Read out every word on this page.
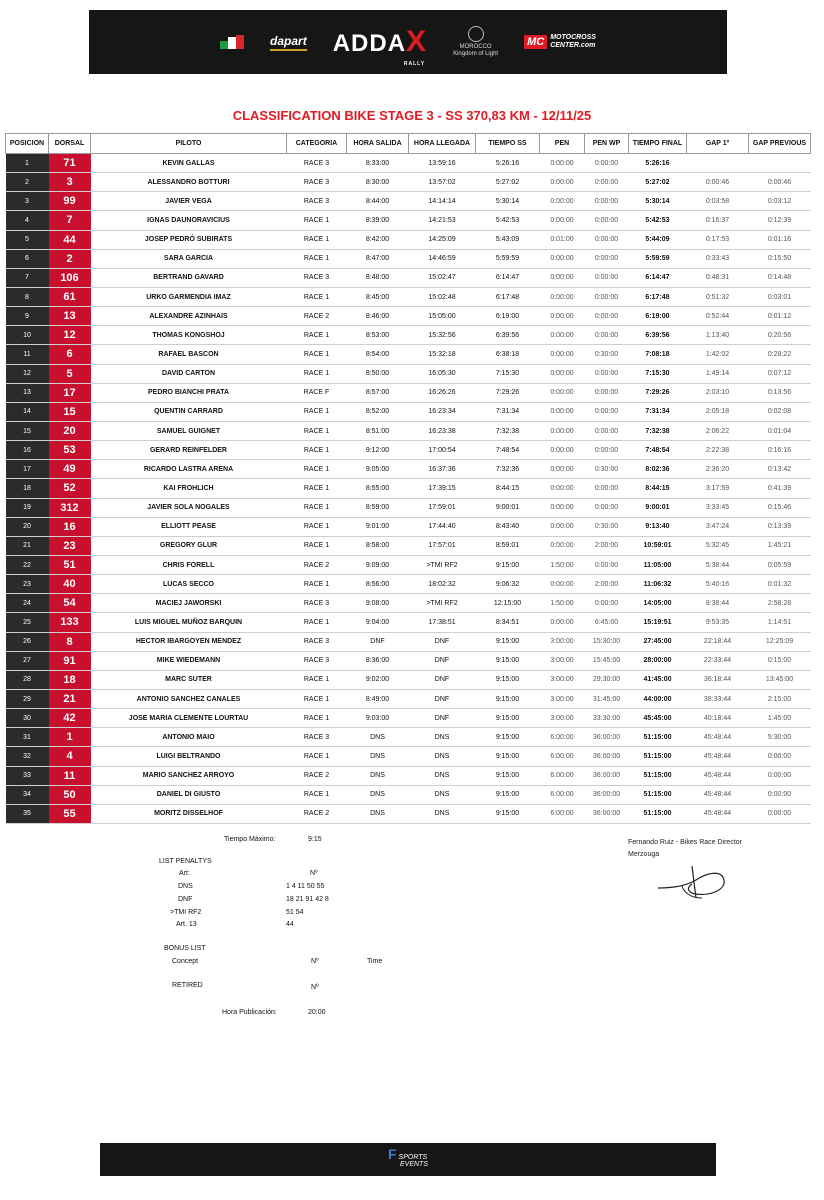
dapart ADDAX
RALLY
MOROCCO
Kingdom of Light
MC MOTOCROSS
CENTER.com
CLASSIFICATION BIKE STAGE 3 - SS 370,83 KM - 12/11/25
POSICION	DORSAL	PILOTO	CATEGORIA	HORA SALIDA	HORA LLEGADA	TIEMPO SS	PEN	PEN WP	TIEMPO FINAL	GAP 1º	GAP PREVIOUS
1	71	KEVIN GALLAS	RACE 3	8:33:00	13:59:16	5:26:16	0:00:00	0:00:00	5:26:16		
2	3	ALESSANDRO BOTTURI	RACE 3	8:30:00	13:57:02	5:27:02	0:00:00	0:00:00	5:27:02	0:00:46	0:00:46
3	99	JAVIER VEGA	RACE 3	8:44:00	14:14:14	5:30:14	0:00:00	0:00:00	5:30:14	0:03:58	0:03:12
4	7	IGNAS DAUNORAVICIUS	RACE 1	8:39:00	14:21:53	5:42:53	0:00:00	0:00:00	5:42:53	0:16:37	0:12:39
5	44	JOSEP PEDRÓ SUBIRATS	RACE 1	8:42:00	14:25:09	5:43:09	0:01:00	0:00:00	5:44:09	0:17:53	0:01:16
6	2	SARA GARCIA	RACE 1	8:47:00	14:46:59	5:59:59	0:00:00	0:00:00	5:59:59	0:33:43	0:15:50
7	106	BERTRAND GAVARD	RACE 3	8:48:00	15:02:47	6:14:47	0:00:00	0:00:00	6:14:47	0:48:31	0:14:48
8	61	URKO GARMENDIA IMAZ	RACE 1	8:45:00	15:02:48	6:17:48	0:00:00	0:00:00	6:17:48	0:51:32	0:03:01
9	13	ALEXANDRE AZINHAIS	RACE 2	8:46:00	15:05:00	6:19:00	0:00:00	0:00:00	6:19:00	0:52:44	0:01:12
10	12	THOMAS KONGSHOJ	RACE 1	8:53:00	15:32:56	6:39:56	0:00:00	0:00:00	6:39:56	1:13:40	0:20:56
11	6	RAFAEL BASCON	RACE 1	8:54:00	15:32:18	6:38:18	0:00:00	0:30:00	7:08:18	1:42:02	0:28:22
12	5	DAVID CARTON	RACE 1	8:50:00	16:05:30	7:15:30	0:00:00	0:00:00	7:15:30	1:49:14	0:07:12
13	17	PEDRO BIANCHI PRATA	RACE F	8:57:00	16:26:26	7:29:26	0:00:00	0:00:00	7:29:26	2:03:10	0:13:56
14	15	QUENTIN CARRARD	RACE 1	8:52:00	16:23:34	7:31:34	0:00:00	0:00:00	7:31:34	2:05:18	0:02:08
15	20	SAMUEL GUIGNET	RACE 1	8:51:00	16:23:38	7:32:38	0:00:00	0:00:00	7:32:38	2:06:22	0:01:04
16	53	GERARD REINFELDER	RACE 1	9:12:00	17:00:54	7:48:54	0:00:00	0:00:00	7:48:54	2:22:38	0:16:16
17	49	RICARDO LASTRA ARENA	RACE 1	9:05:00	16:37:36	7:32:36	0:00:00	0:30:00	8:02:36	2:36:20	0:13:42
18	52	KAI FROHLICH	RACE 1	8:55:00	17:39:15	8:44:15	0:00:00	0:00:00	8:44:15	3:17:59	0:41:39
19	312	JAVIER SOLA NOGALES	RACE 1	8:59:00	17:59:01	9:00:01	0:00:00	0:00:00	9:00:01	3:33:45	0:15:46
20	16	ELLIOTT PEASE	RACE 1	9:01:00	17:44:40	8:43:40	0:00:00	0:30:00	9:13:40	3:47:24	0:13:39
21	23	GREGORY GLUR	RACE 1	8:58:00	17:57:01	8:59:01	0:00:00	2:00:00	10:59:01	5:32:45	1:45:21
22	51	CHRIS FORELL	RACE 2	9:09:00	>TMI RF2	9:15:00	1:50:00	0:00:00	11:05:00	5:38:44	0:05:59
23	40	LUCAS SECCO	RACE 1	8:56:00	18:02:32	9:06:32	0:00:00	2:00:00	11:06:32	5:40:16	0:01:32
24	54	MACIEJ JAWORSKI	RACE 3	9:08:00	>TMI RF2	12:15:00	1:50:00	0:00:00	14:05:00	8:38:44	2:58:28
25	133	LUIS MIGUEL MUÑOZ BARQUIN	RACE 1	9:04:00	17:38:51	8:34:51	0:00:00	6:45:00	15:19:51	9:53:35	1:14:51
26	8	HECTOR IBARGOYEN MENDEZ	RACE 3	DNF	DNF	9:15:00	3:00:00	15:30:00	27:45:00	22:18:44	12:25:09
27	91	MIKE WIEDEMANN	RACE 3	8:36:00	DNF	9:15:00	3:00:00	15:45:00	28:00:00	22:33:44	0:15:00
28	18	MARC SUTER	RACE 1	9:02:00	DNF	9:15:00	3:00:00	29:30:00	41:45:00	36:18:44	13:45:00
29	21	ANTONIO SANCHEZ CANALES	RACE 1	8:49:00	DNF	9:15:00	3:00:00	31:45:00	44:00:00	38:33:44	2:15:00
30	42	JOSE MARIA CLEMENTE LOURTAU	RACE 1	9:03:00	DNF	9:15:00	3:00:00	33:30:00	45:45:00	40:18:44	1:45:00
31	1	ANTONIO MAIO	RACE 3	DNS	DNS	9:15:00	6:00:00	36:00:00	51:15:00	45:48:44	5:30:00
32	4	LUIGI BELTRANDO	RACE 1	DNS	DNS	9:15:00	6:00:00	36:00:00	51:15:00	45:48:44	0:00:00
33	11	MARIO SANCHEZ ARROYO	RACE 2	DNS	DNS	9:15:00	6:00:00	36:00:00	51:15:00	45:48:44	0:00:00
34	50	DANIEL DI GIUSTO	RACE 1	DNS	DNS	9:15:00	6:00:00	36:00:00	51:15:00	45:48:44	0:00:00
35	55	MORITZ DISSELHOF	RACE 2	DNS	DNS	9:15:00	6:00:00	36:00:00	51:15:00	45:48:44	0:00:00
Tiempo Máximo:	9:15
LIST PENALTYS
Art:	Nº
DNS	1 4 11 50 55
DNF	18 21 91 42 8
>TMI RF2	51 54
Art. 13	44
BONUS LIST
Concept	Nº	Time
RETIRED	Nº
Hora Publicación:	20:00
Fernando Ruiz - Bikes Race Director
Merzouga
FSPORTS
EVENTS
